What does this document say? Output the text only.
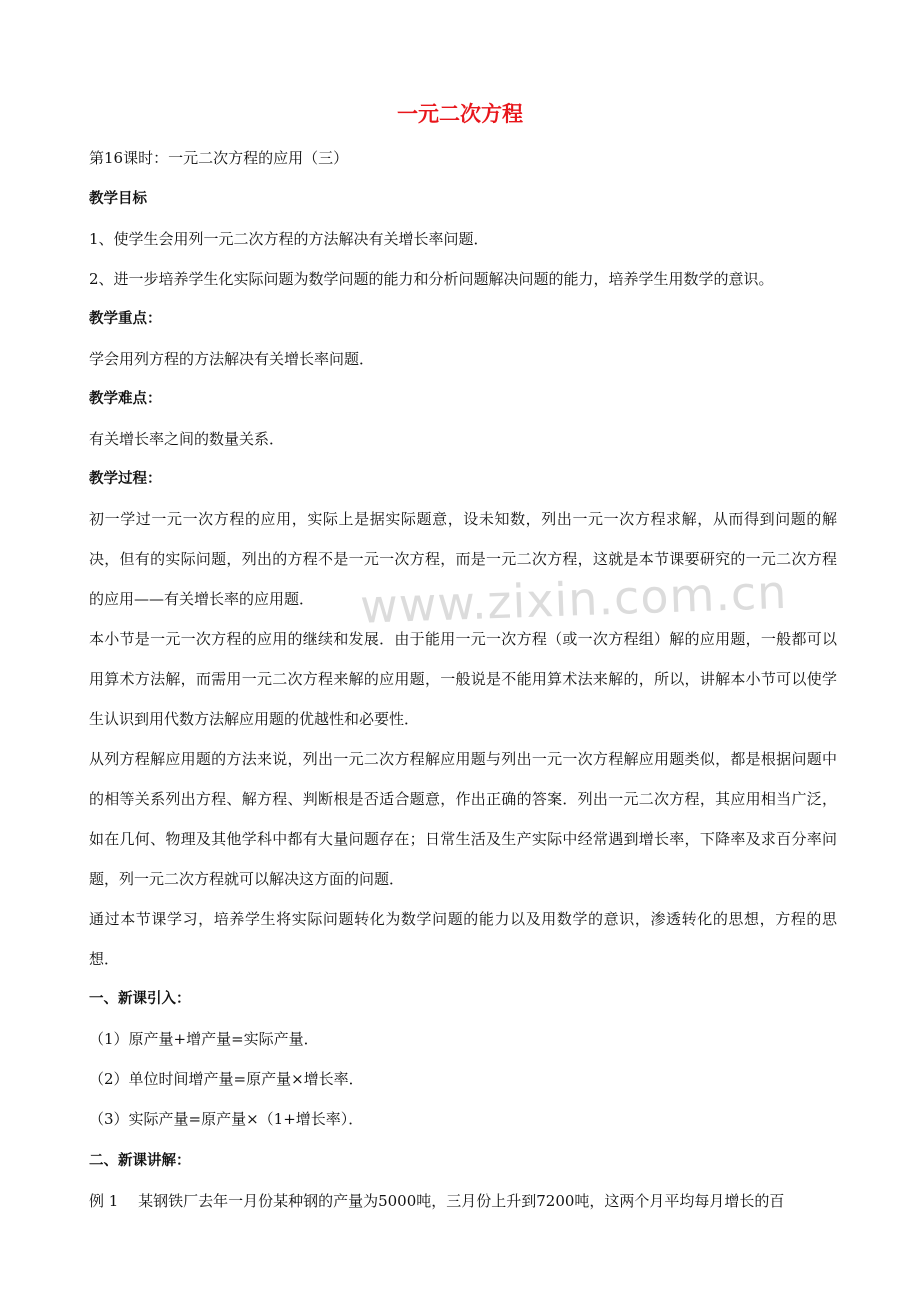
www.zixin.com.cn
一元二次方程
第16课时：一元二次方程的应用（三）
教学目标
1、使学生会用列一元二次方程的方法解决有关增长率问题．
2、进一步培养学生化实际问题为数学问题的能力和分析问题解决问题的能力，培养学生用数学的意识。
教学重点：
学会用列方程的方法解决有关增长率问题．
教学难点：
有关增长率之间的数量关系．
教学过程：
初一学过一元一次方程的应用，实际上是据实际题意，设未知数，列出一元一次方程求解，从而得到问题的解决，但有的实际问题，列出的方程不是一元一次方程，而是一元二次方程，这就是本节课要研究的一元二次方程的应用——有关增长率的应用题．
本小节是一元一次方程的应用的继续和发展．由于能用一元一次方程（或一次方程组）解的应用题，一般都可以用算术方法解，而需用一元二次方程来解的应用题，一般说是不能用算术法来解的，所以，讲解本小节可以使学生认识到用代数方法解应用题的优越性和必要性．
从列方程解应用题的方法来说，列出一元二次方程解应用题与列出一元一次方程解应用题类似，都是根据问题中的相等关系列出方程、解方程、判断根是否适合题意，作出正确的答案．列出一元二次方程，其应用相当广泛，如在几何、物理及其他学科中都有大量问题存在；日常生活及生产实际中经常遇到增长率，下降率及求百分率问题，列一元二次方程就可以解决这方面的问题．
通过本节课学习，培养学生将实际问题转化为数学问题的能力以及用数学的意识，渗透转化的思想，方程的思想．
一、新课引入：
（1）原产量+增产量=实际产量．
（2）单位时间增产量=原产量×增长率．
（3）实际产量=原产量×（1+增长率）．
二、新课讲解：
例 1　 某钢铁厂去年一月份某种钢的产量为5000吨，三月份上升到7200吨，这两个月平均每月增长的百
